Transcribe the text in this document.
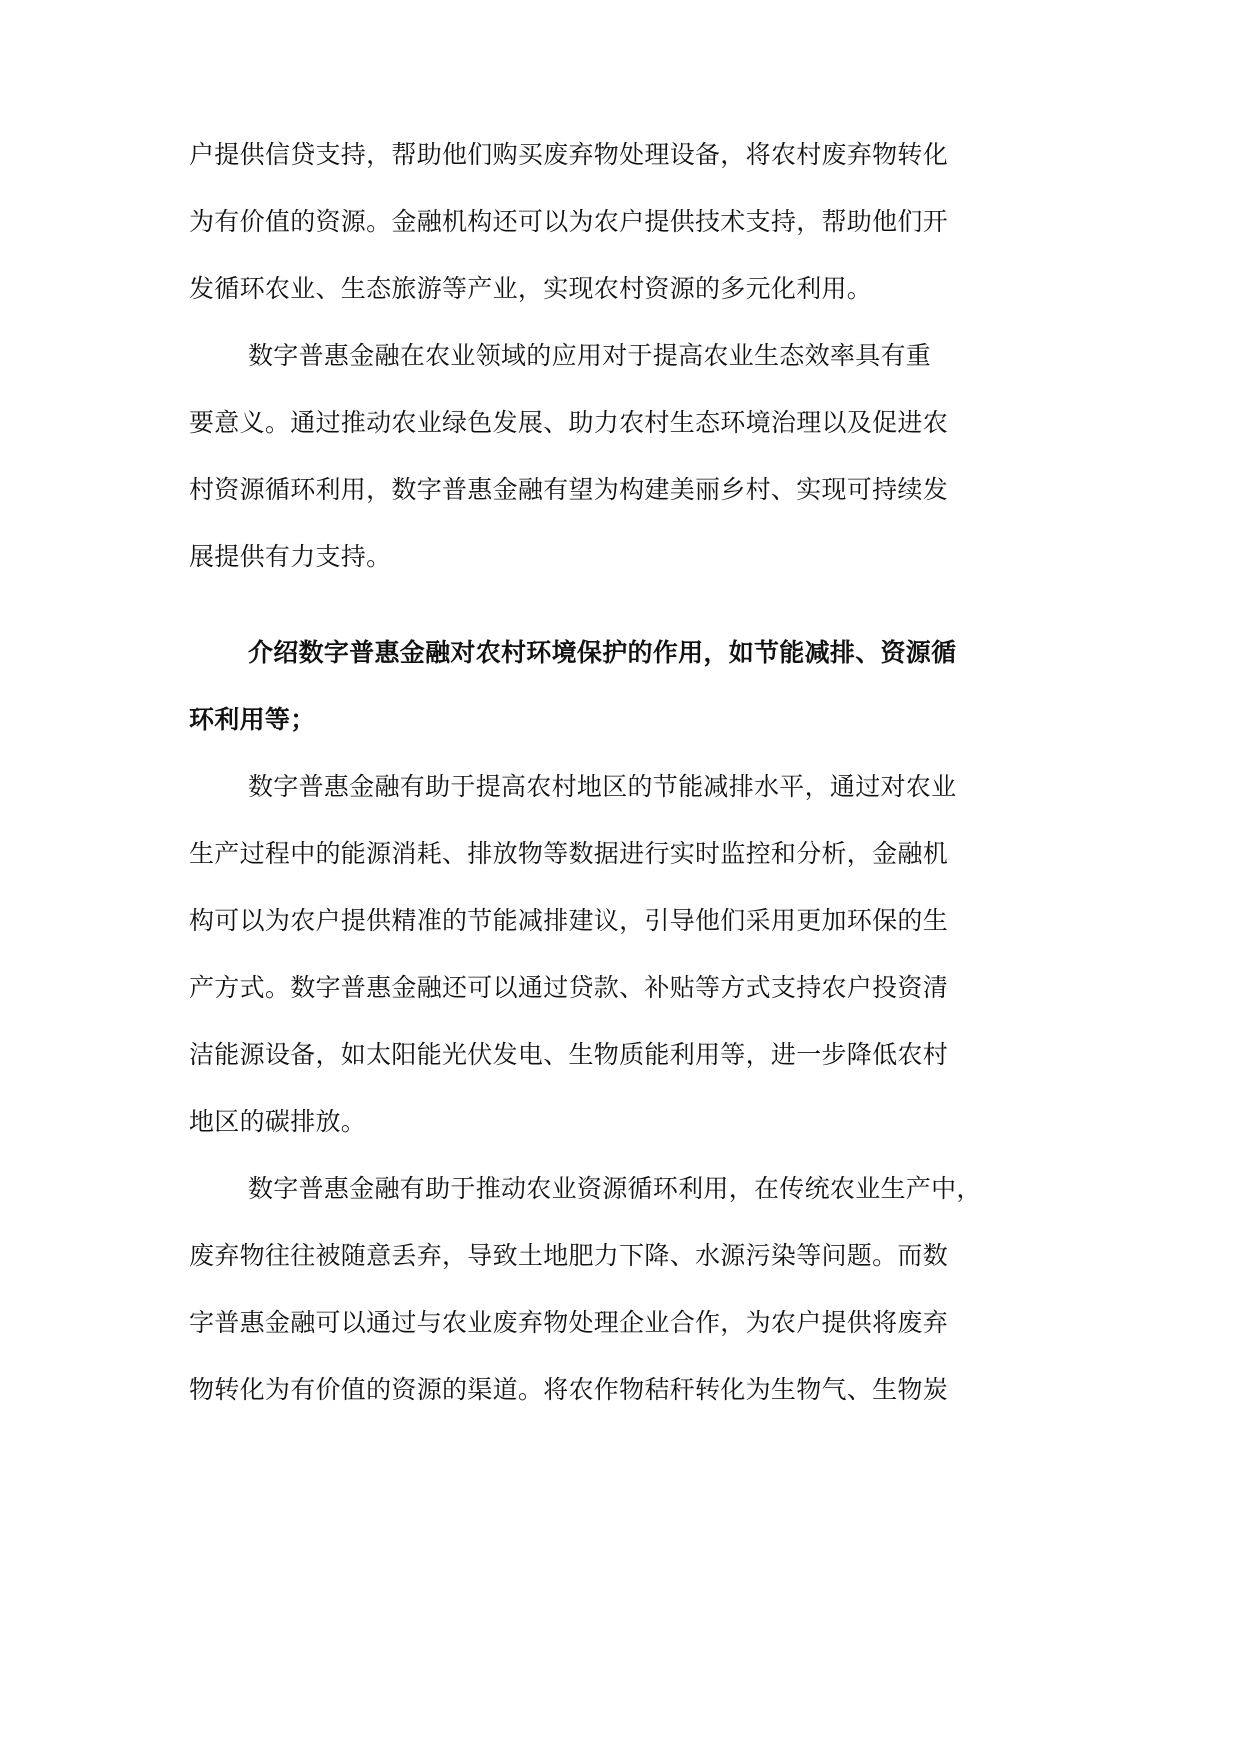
户提供信贷支持，帮助他们购买废弃物处理设备，将农村废弃物转化
为有价值的资源。金融机构还可以为农户提供技术支持，帮助他们开
发循环农业、生态旅游等产业，实现农村资源的多元化利用。
数字普惠金融在农业领域的应用对于提高农业生态效率具有重
要意义。通过推动农业绿色发展、助力农村生态环境治理以及促进农
村资源循环利用，数字普惠金融有望为构建美丽乡村、实现可持续发
展提供有力支持。
介绍数字普惠金融对农村环境保护的作用，如节能减排、资源循
环利用等；
数字普惠金融有助于提高农村地区的节能减排水平，通过对农业
生产过程中的能源消耗、排放物等数据进行实时监控和分析，金融机
构可以为农户提供精准的节能减排建议，引导他们采用更加环保的生
产方式。数字普惠金融还可以通过贷款、补贴等方式支持农户投资清
洁能源设备，如太阳能光伏发电、生物质能利用等，进一步降低农村
地区的碳排放。
数字普惠金融有助于推动农业资源循环利用，在传统农业生产中，
废弃物往往被随意丢弃，导致土地肥力下降、水源污染等问题。而数
字普惠金融可以通过与农业废弃物处理企业合作，为农户提供将废弃
物转化为有价值的资源的渠道。将农作物秸秆转化为生物气、生物炭
